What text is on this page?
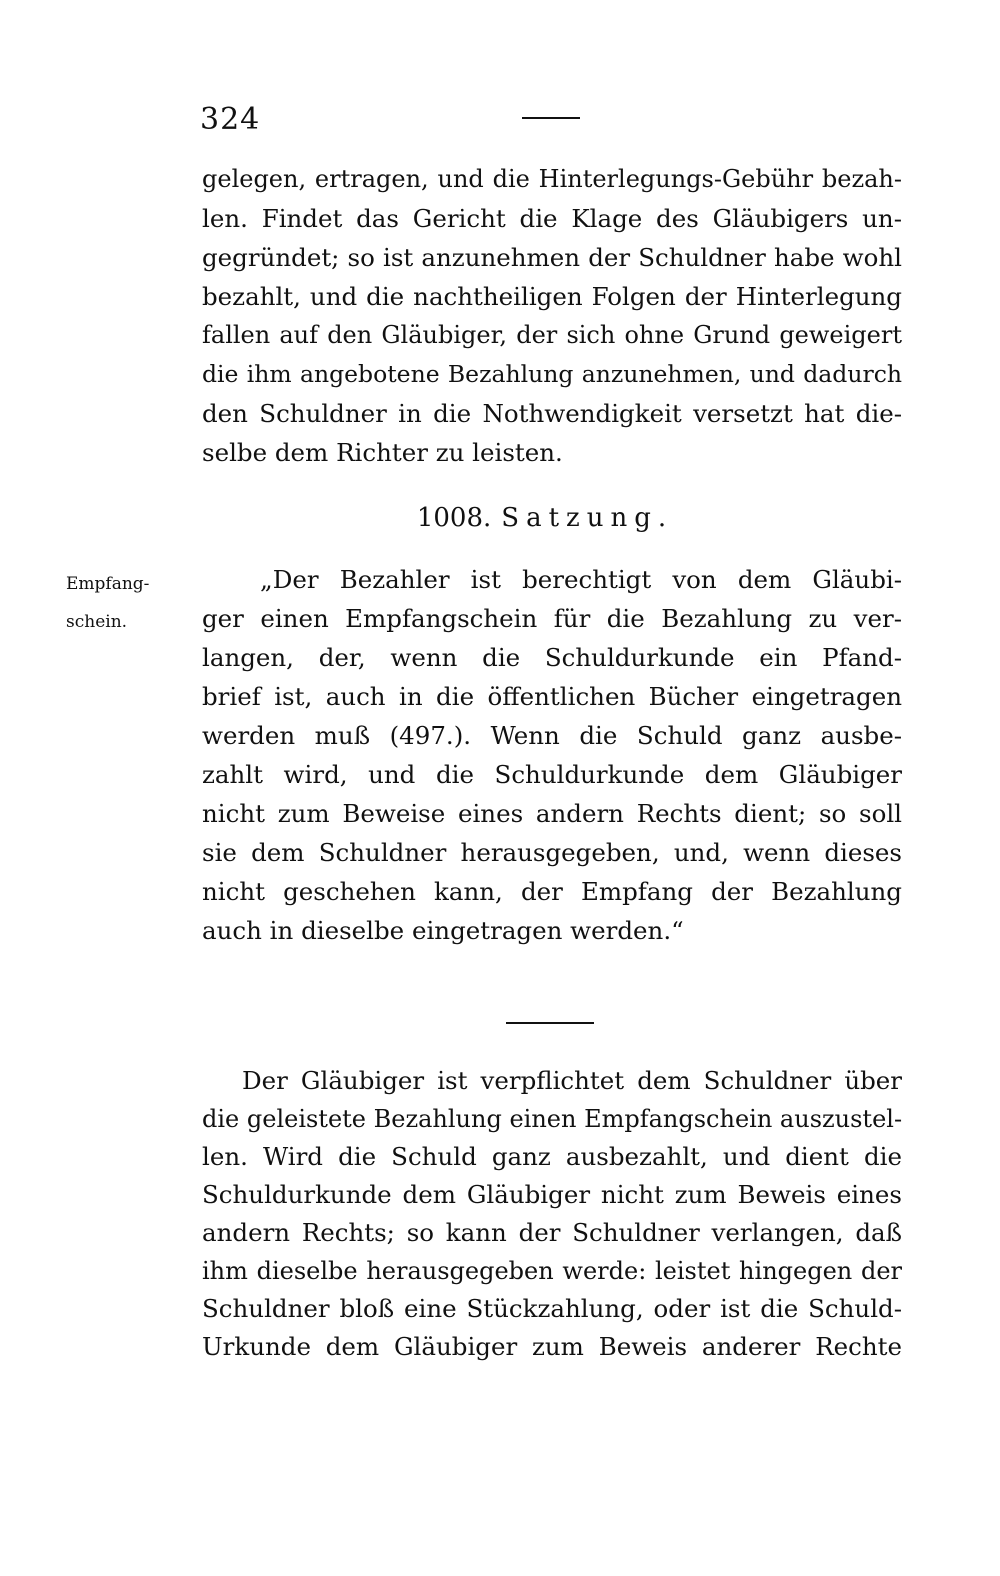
324
gelegen, ertragen, und die Hinterlegungs-Gebühr bezah-
len. Findet das Gericht die Klage des Gläubigers un-
gegründet; so ist anzunehmen der Schuldner habe wohl
bezahlt, und die nachtheiligen Folgen der Hinterlegung
fallen auf den Gläubiger, der sich ohne Grund geweigert
die ihm angebotene Bezahlung anzunehmen, und dadurch
den Schuldner in die Nothwendigkeit versetzt hat die-
selbe dem Richter zu leisten.
1008. Satzung.
Empfang-
schein.
„Der Bezahler ist berechtigt von dem Gläubi-
ger einen Empfangschein für die Bezahlung zu ver-
langen, der, wenn die Schuldurkunde ein Pfand-
brief ist, auch in die öffentlichen Bücher eingetragen
werden muß (497.). Wenn die Schuld ganz ausbe-
zahlt wird, und die Schuldurkunde dem Gläubiger
nicht zum Beweise eines andern Rechts dient; so soll
sie dem Schuldner herausgegeben, und, wenn dieses
nicht geschehen kann, der Empfang der Bezahlung
auch in dieselbe eingetragen werden.“
Der Gläubiger ist verpflichtet dem Schuldner über
die geleistete Bezahlung einen Empfangschein auszustel-
len. Wird die Schuld ganz ausbezahlt, und dient die
Schuldurkunde dem Gläubiger nicht zum Beweis eines
andern Rechts; so kann der Schuldner verlangen, daß
ihm dieselbe herausgegeben werde: leistet hingegen der
Schuldner bloß eine Stückzahlung, oder ist die Schuld-
Urkunde dem Gläubiger zum Beweis anderer Rechte
